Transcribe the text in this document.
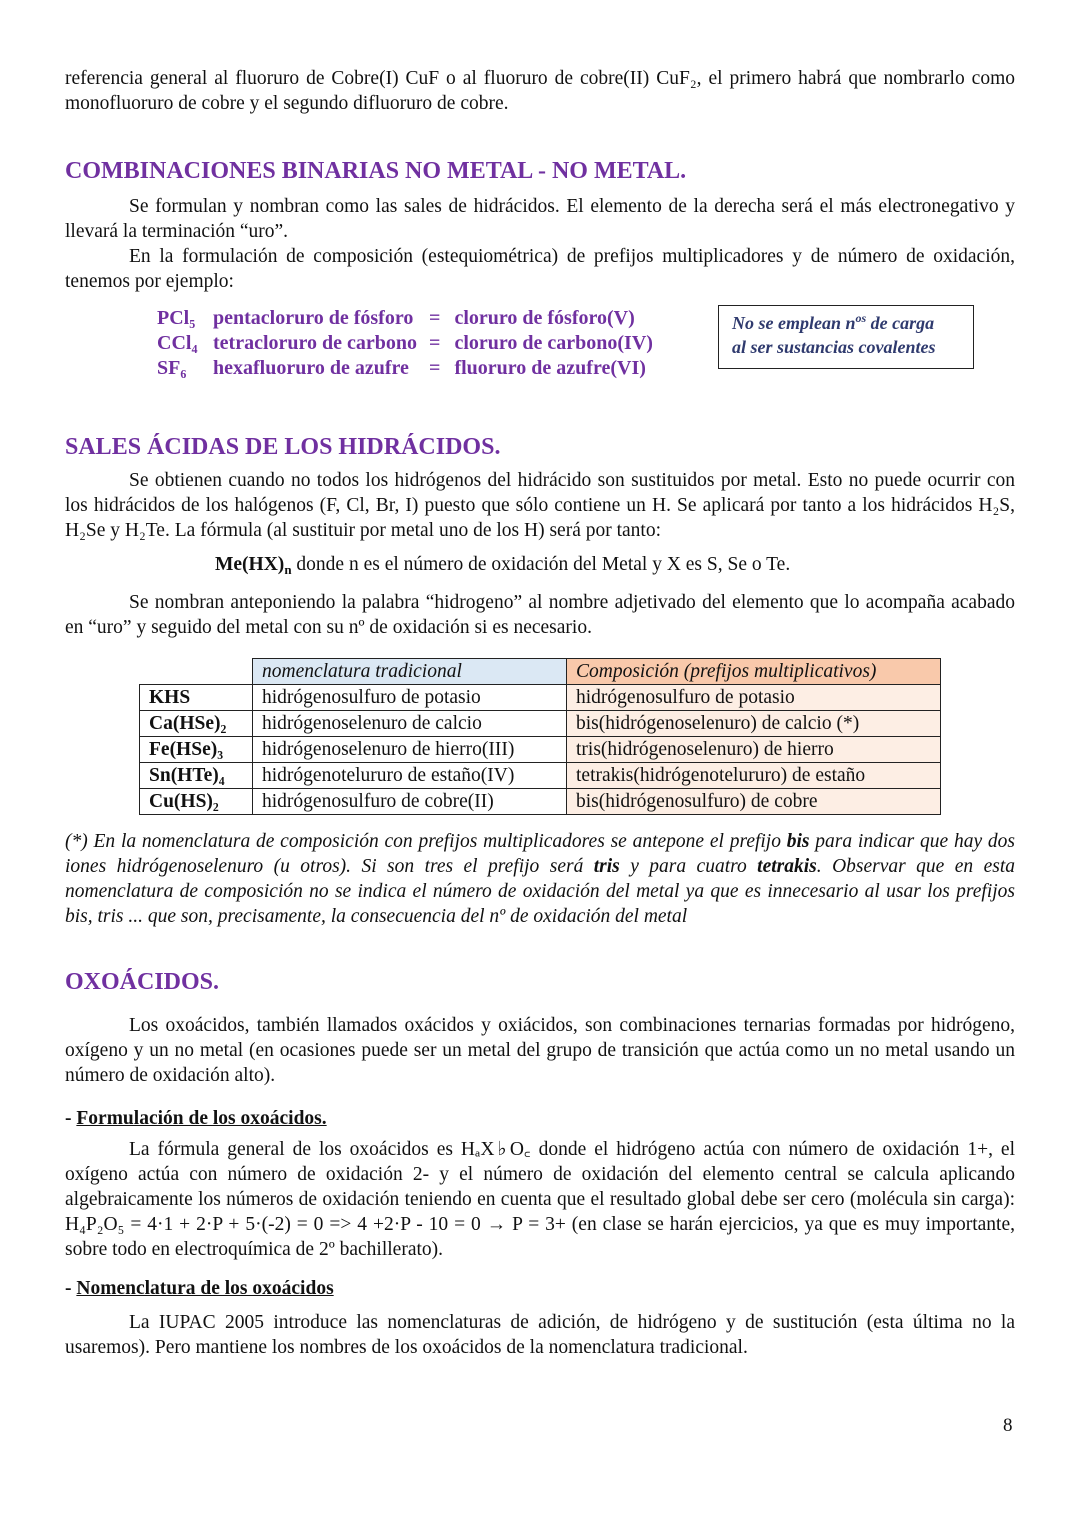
referencia general al fluoruro de Cobre(I) CuF o al fluoruro de cobre(II) CuF₂, el primero habrá que nombrarlo como monofluoruro de cobre y el segundo difluoruro de cobre.

COMBINACIONES BINARIAS NO METAL - NO METAL.

Se formulan y nombran como las sales de hidrácidos. El elemento de la derecha será el más electronegativo y llevará la terminación “uro”.

En la formulación de composición (estequiométrica) de prefijos multiplicadores y de número de oxidación, tenemos por ejemplo:

PCl₅	pentacloruro de fósforo	=	cloruro de fósforo(V)
CCl₄	tetracloruro de carbono	=	cloruro de carbono(IV)
SF₆	hexafluoruro de azufre	=	fluoruro de azufre(VI)
No se emplean $n^{os}$ de carga
al ser sustancias covalentes
SALES ÁCIDAS DE LOS HIDRÁCIDOS.

Se obtienen cuando no todos los hidrógenos del hidrácido son sustituidos por metal. Esto no puede ocurrir con los hidrácidos de los halógenos (F, Cl, Br, I) puesto que sólo contiene un H. Se aplicará por tanto a los hidrácidos H₂S, H₂Se y H₂Te. La fórmula (al sustituir por metal uno de los H) será por tanto:

$Me(HX)_n$ donde n es el número de oxidación del Metal y X es S, Se o Te.

Se nombran anteponiendo la palabra “hidrogeno” al nombre adjetivado del elemento que lo acompaña acabado en “uro” y seguido del metal con su nº de oxidación si es necesario.

	nomenclatura tradicional	Composición (prefijos multiplicativos)
KHS	hidrógenosulfuro de potasio	hidrógenosulfuro de potasio
Ca(HSe)₂	hidrógenoselenuro de calcio	bis(hidrógenoselenuro) de calcio (*)
Fe(HSe)₃	hidrógenoselenuro de hierro(III)	tris(hidrógenoselenuro) de hierro
Sn(HTe)₄	hidrógenotelururo de estaño(IV)	tetrakis(hidrógenotelururo) de estaño
Cu(HS)₂	hidrógenosulfuro de cobre(II)	bis(hidrógenosulfuro) de cobre

(*) En la nomenclatura de composición con prefijos multiplicadores se antepone el prefijo bis para indicar que hay dos iones hidrógenoselenuro (u otros). Si son tres el prefijo será tris y para cuatro tetrakis. Observar que en esta nomenclatura de composición no se indica el número de oxidación del metal ya que es innecesario al usar los prefijos bis, tris ... que son, precisamente, la consecuencia del nº de oxidación del metal

OXOÁCIDOS.

Los oxoácidos, también llamados oxácidos y oxiácidos, son combinaciones ternarias formadas por hidrógeno, oxígeno y un no metal (en ocasiones puede ser un metal del grupo de transición que actúa como un no metal usando un número de oxidación alto).

- Formulación de los oxoácidos.

La fórmula general de los oxoácidos es HₐX♭O꜀ donde el hidrógeno actúa con número de oxidación 1+, el oxígeno actúa con número de oxidación 2- y el número de oxidación del elemento central se calcula aplicando algebraicamente los números de oxidación teniendo en cuenta que el resultado global debe ser cero (molécula sin carga): H₄P₂O₅ = 4·1 + 2·P + 5·(-2) = 0 => 4 +2·P - 10 = 0 → P = 3+ (en clase se harán ejercicios, ya que es muy importante, sobre todo en electroquímica de 2º bachillerato).

- Nomenclatura de los oxoácidos

La IUPAC 2005 introduce las nomenclaturas de adición, de hidrógeno y de sustitución (esta última no la usaremos). Pero mantiene los nombres de los oxoácidos de la nomenclatura tradicional.

8
